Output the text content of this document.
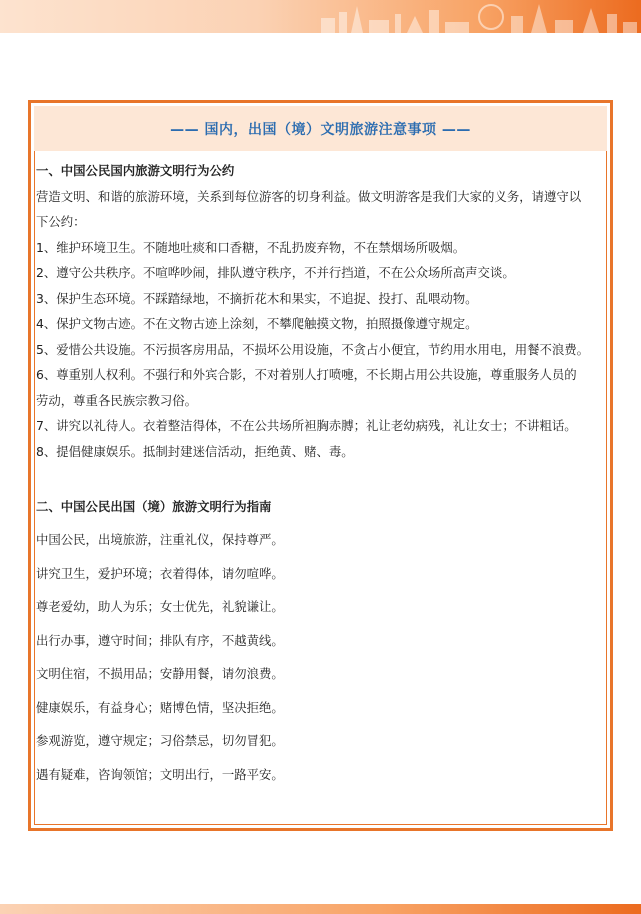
—— 国内，出国（境）文明旅游注意事项 ——
一、中国公民国内旅游文明行为公约
营造文明、和谐的旅游环境，关系到每位游客的切身利益。做文明游客是我们大家的义务，请遵守以
下公约：
1、维护环境卫生。不随地吐痰和口香糖，不乱扔废弃物，不在禁烟场所吸烟。
2、遵守公共秩序。不喧哗吵闹，排队遵守秩序，不并行挡道，不在公众场所高声交谈。
3、保护生态环境。不踩踏绿地，不摘折花木和果实，不追捉、投打、乱喂动物。
4、保护文物古迹。不在文物古迹上涂刻，不攀爬触摸文物，拍照摄像遵守规定。
5、爱惜公共设施。不污损客房用品，不损坏公用设施，不贪占小便宜，节约用水用电，用餐不浪费。
6、尊重别人权利。不强行和外宾合影，不对着别人打喷嚏，不长期占用公共设施，尊重服务人员的
劳动，尊重各民族宗教习俗。
7、讲究以礼待人。衣着整洁得体，不在公共场所袒胸赤膊；礼让老幼病残，礼让女士；不讲粗话。
8、提倡健康娱乐。抵制封建迷信活动，拒绝黄、赌、毒。
二、中国公民出国（境）旅游文明行为指南
中国公民，出境旅游，注重礼仪，保持尊严。
讲究卫生，爱护环境；衣着得体，请勿喧哗。
尊老爱幼，助人为乐；女士优先，礼貌谦让。
出行办事，遵守时间；排队有序，不越黄线。
文明住宿，不损用品；安静用餐，请勿浪费。
健康娱乐，有益身心；赌博色情，坚决拒绝。
参观游览，遵守规定；习俗禁忌，切勿冒犯。
遇有疑难，咨询领馆；文明出行，一路平安。
